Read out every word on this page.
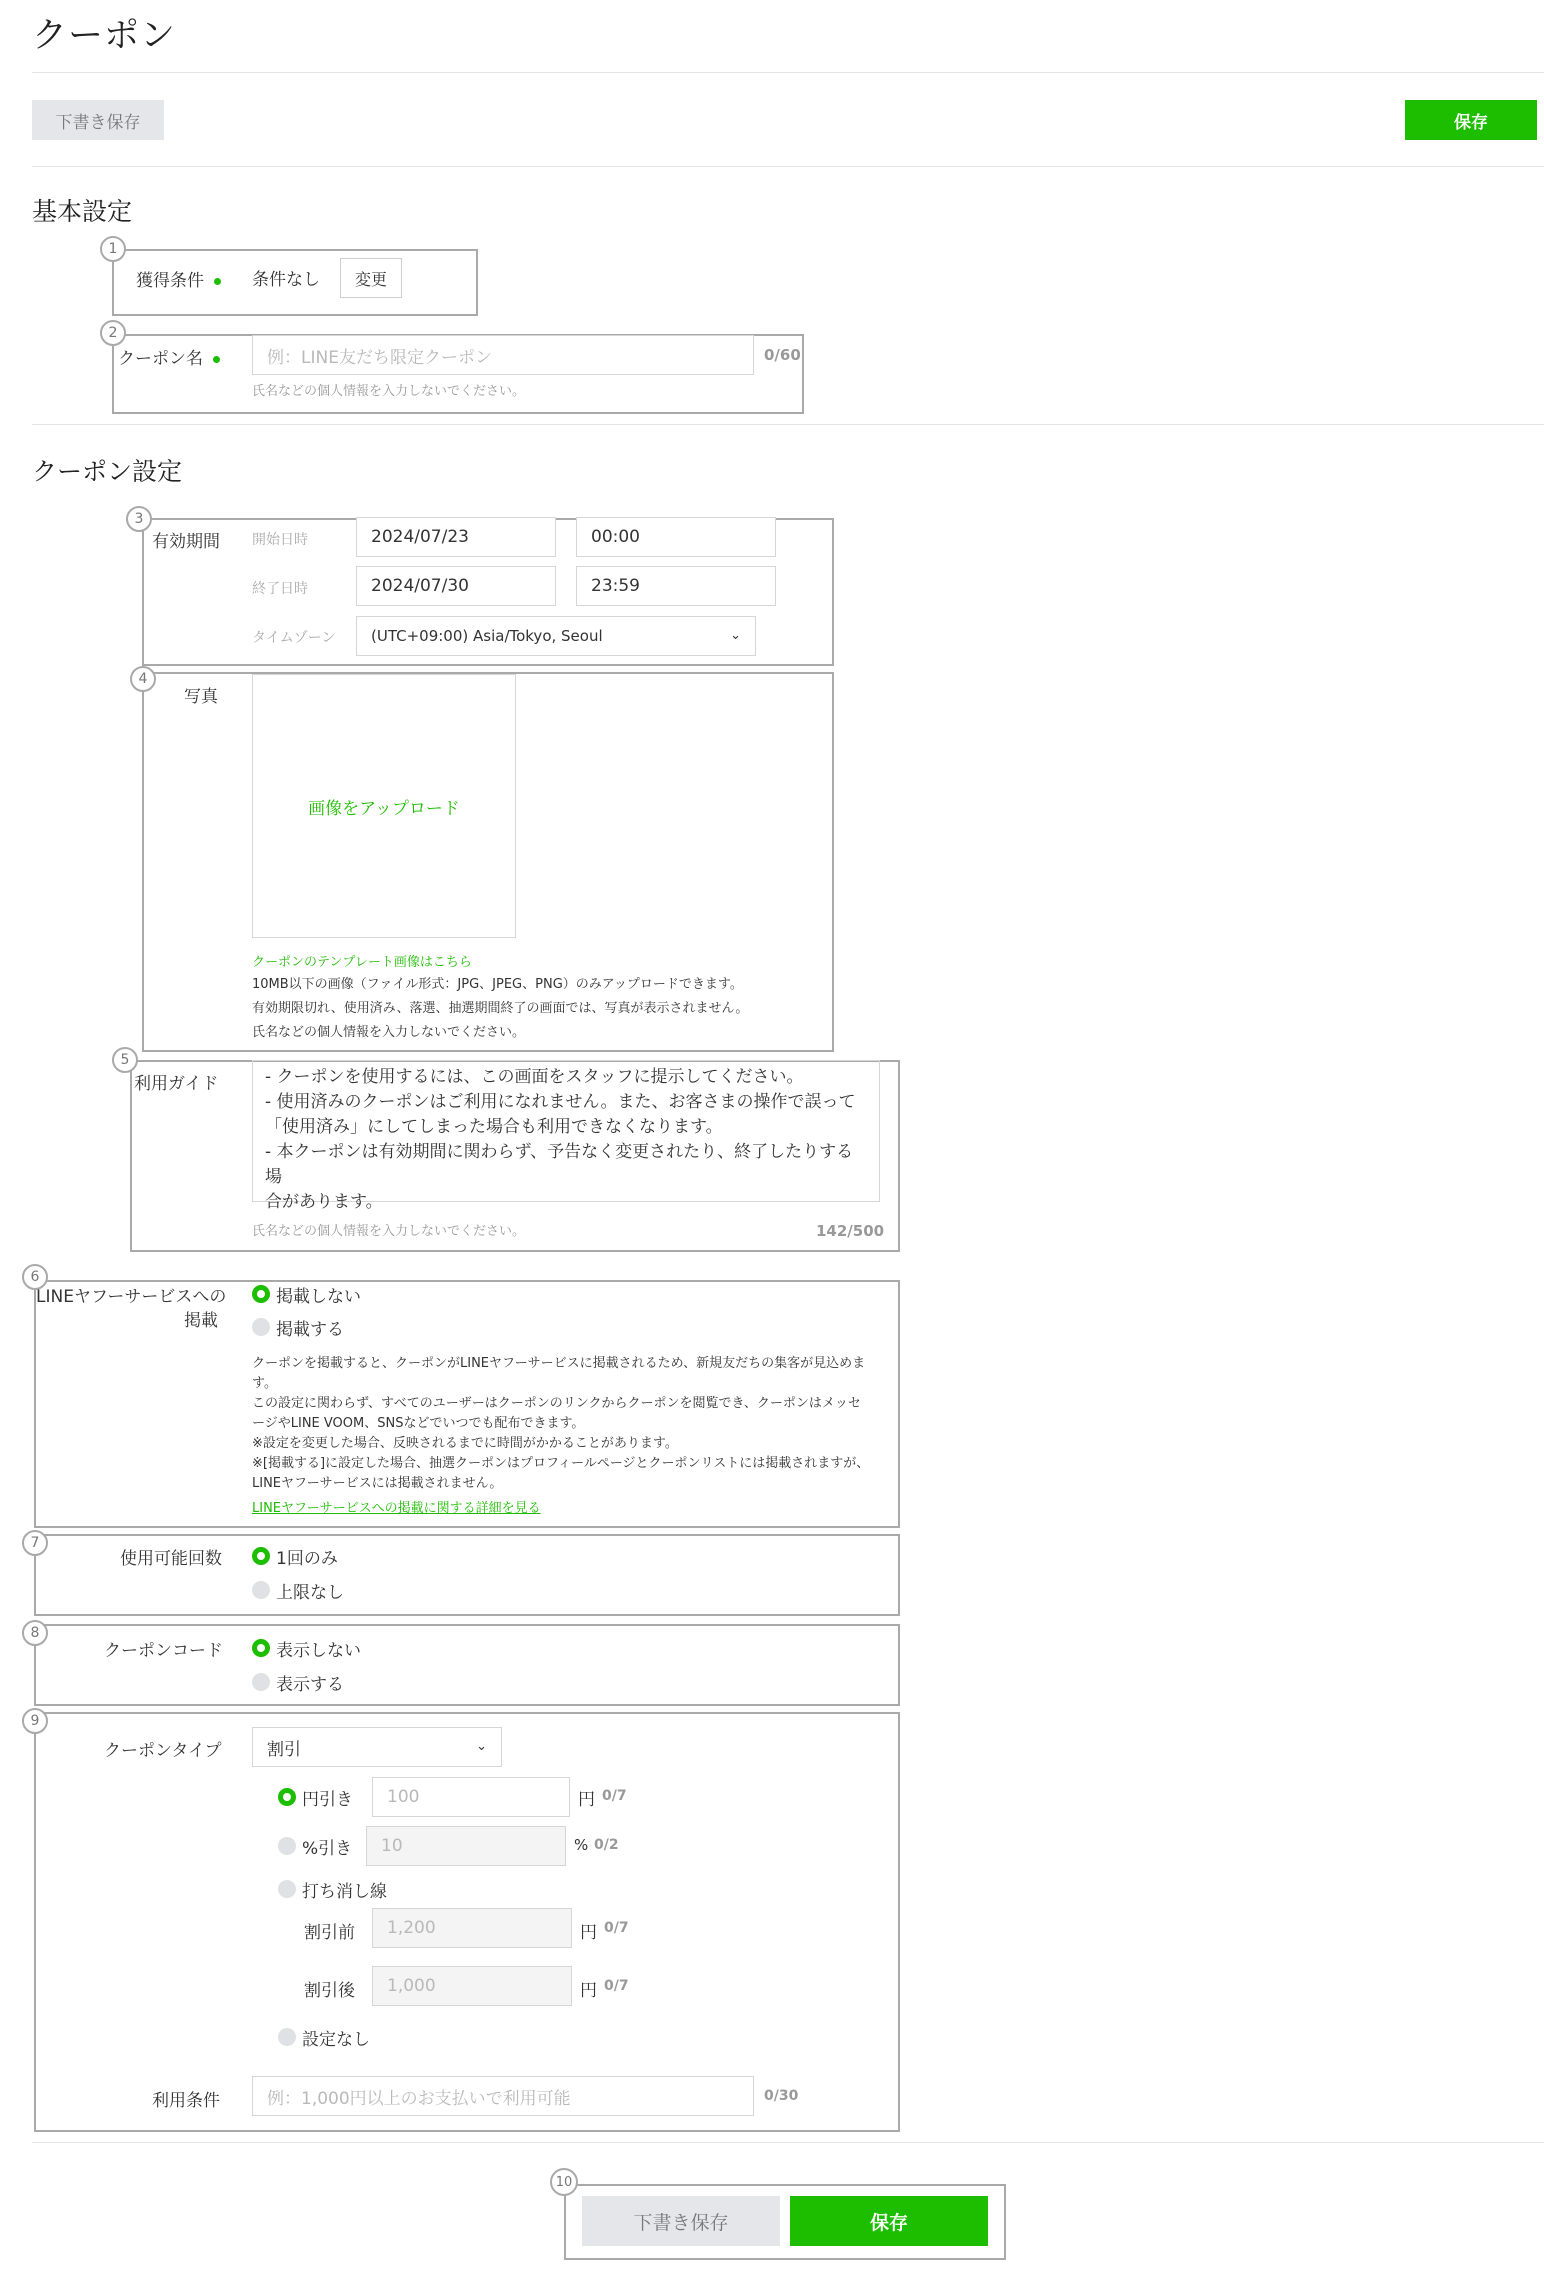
クーポン
下書き保存	保存
基本設定
1
獲得条件	条件なし	変更
2
クーポン名	例：LINE友だち限定クーポン	0/60
氏名などの個人情報を入力しないでください。
クーポン設定
3
有効期間 開始日時	2024/07/23	00:00
終了日時	2024/07/30	23:59
タイムゾーン (UTC+09:00) Asia/Tokyo, Seoul	⌄
4
写真
画像をアップロード
クーポンのテンプレート画像はこちら
10MB以下の画像（ファイル形式：JPG、JPEG、PNG）のみアップロードできます。
有効期限切れ、使用済み、落選、抽選期間終了の画面では、写真が表示されません。
氏名などの個人情報を入力しないでください。
5
利用ガイド	- クーポンを使用するには、この画面をスタッフに提示してください。
- 使用済みのクーポンはご利用になれません。また、お客さまの操作で誤って
「使用済み」にしてしまった場合も利用できなくなります。
- 本クーポンは有効期間に関わらず、予告なく変更されたり、終了したりする場
合があります。
氏名などの個人情報を入力しないでください。	142/500
6
LINEヤフーサービスへの
掲載
掲載しない
掲載する
クーポンを掲載すると、クーポンがLINEヤフーサービスに掲載されるため、新規友だちの集客が見込めま
す。
この設定に関わらず、すべてのユーザーはクーポンのリンクからクーポンを閲覧でき、クーポンはメッセ
ージやLINE VOOM、SNSなどでいつでも配布できます。
※設定を変更した場合、反映されるまでに時間がかかることがあります。
※[掲載する]に設定した場合、抽選クーポンはプロフィールページとクーポンリストには掲載されますが、
LINEヤフーサービスには掲載されません。
LINEヤフーサービスへの掲載に関する詳細を見る
7
使用可能回数	1回のみ
上限なし
8
クーポンコード	表示しない
表示する
9
クーポンタイプ	割引	⌄
円引き	100	円 0/7
%引き	10	% 0/2
打ち消し線
割引前	1,200	円 0/7
割引後	1,000	円 0/7
設定なし
利用条件	例：1,000円以上のお支払いで利用可能	0/30
10
下書き保存	保存
